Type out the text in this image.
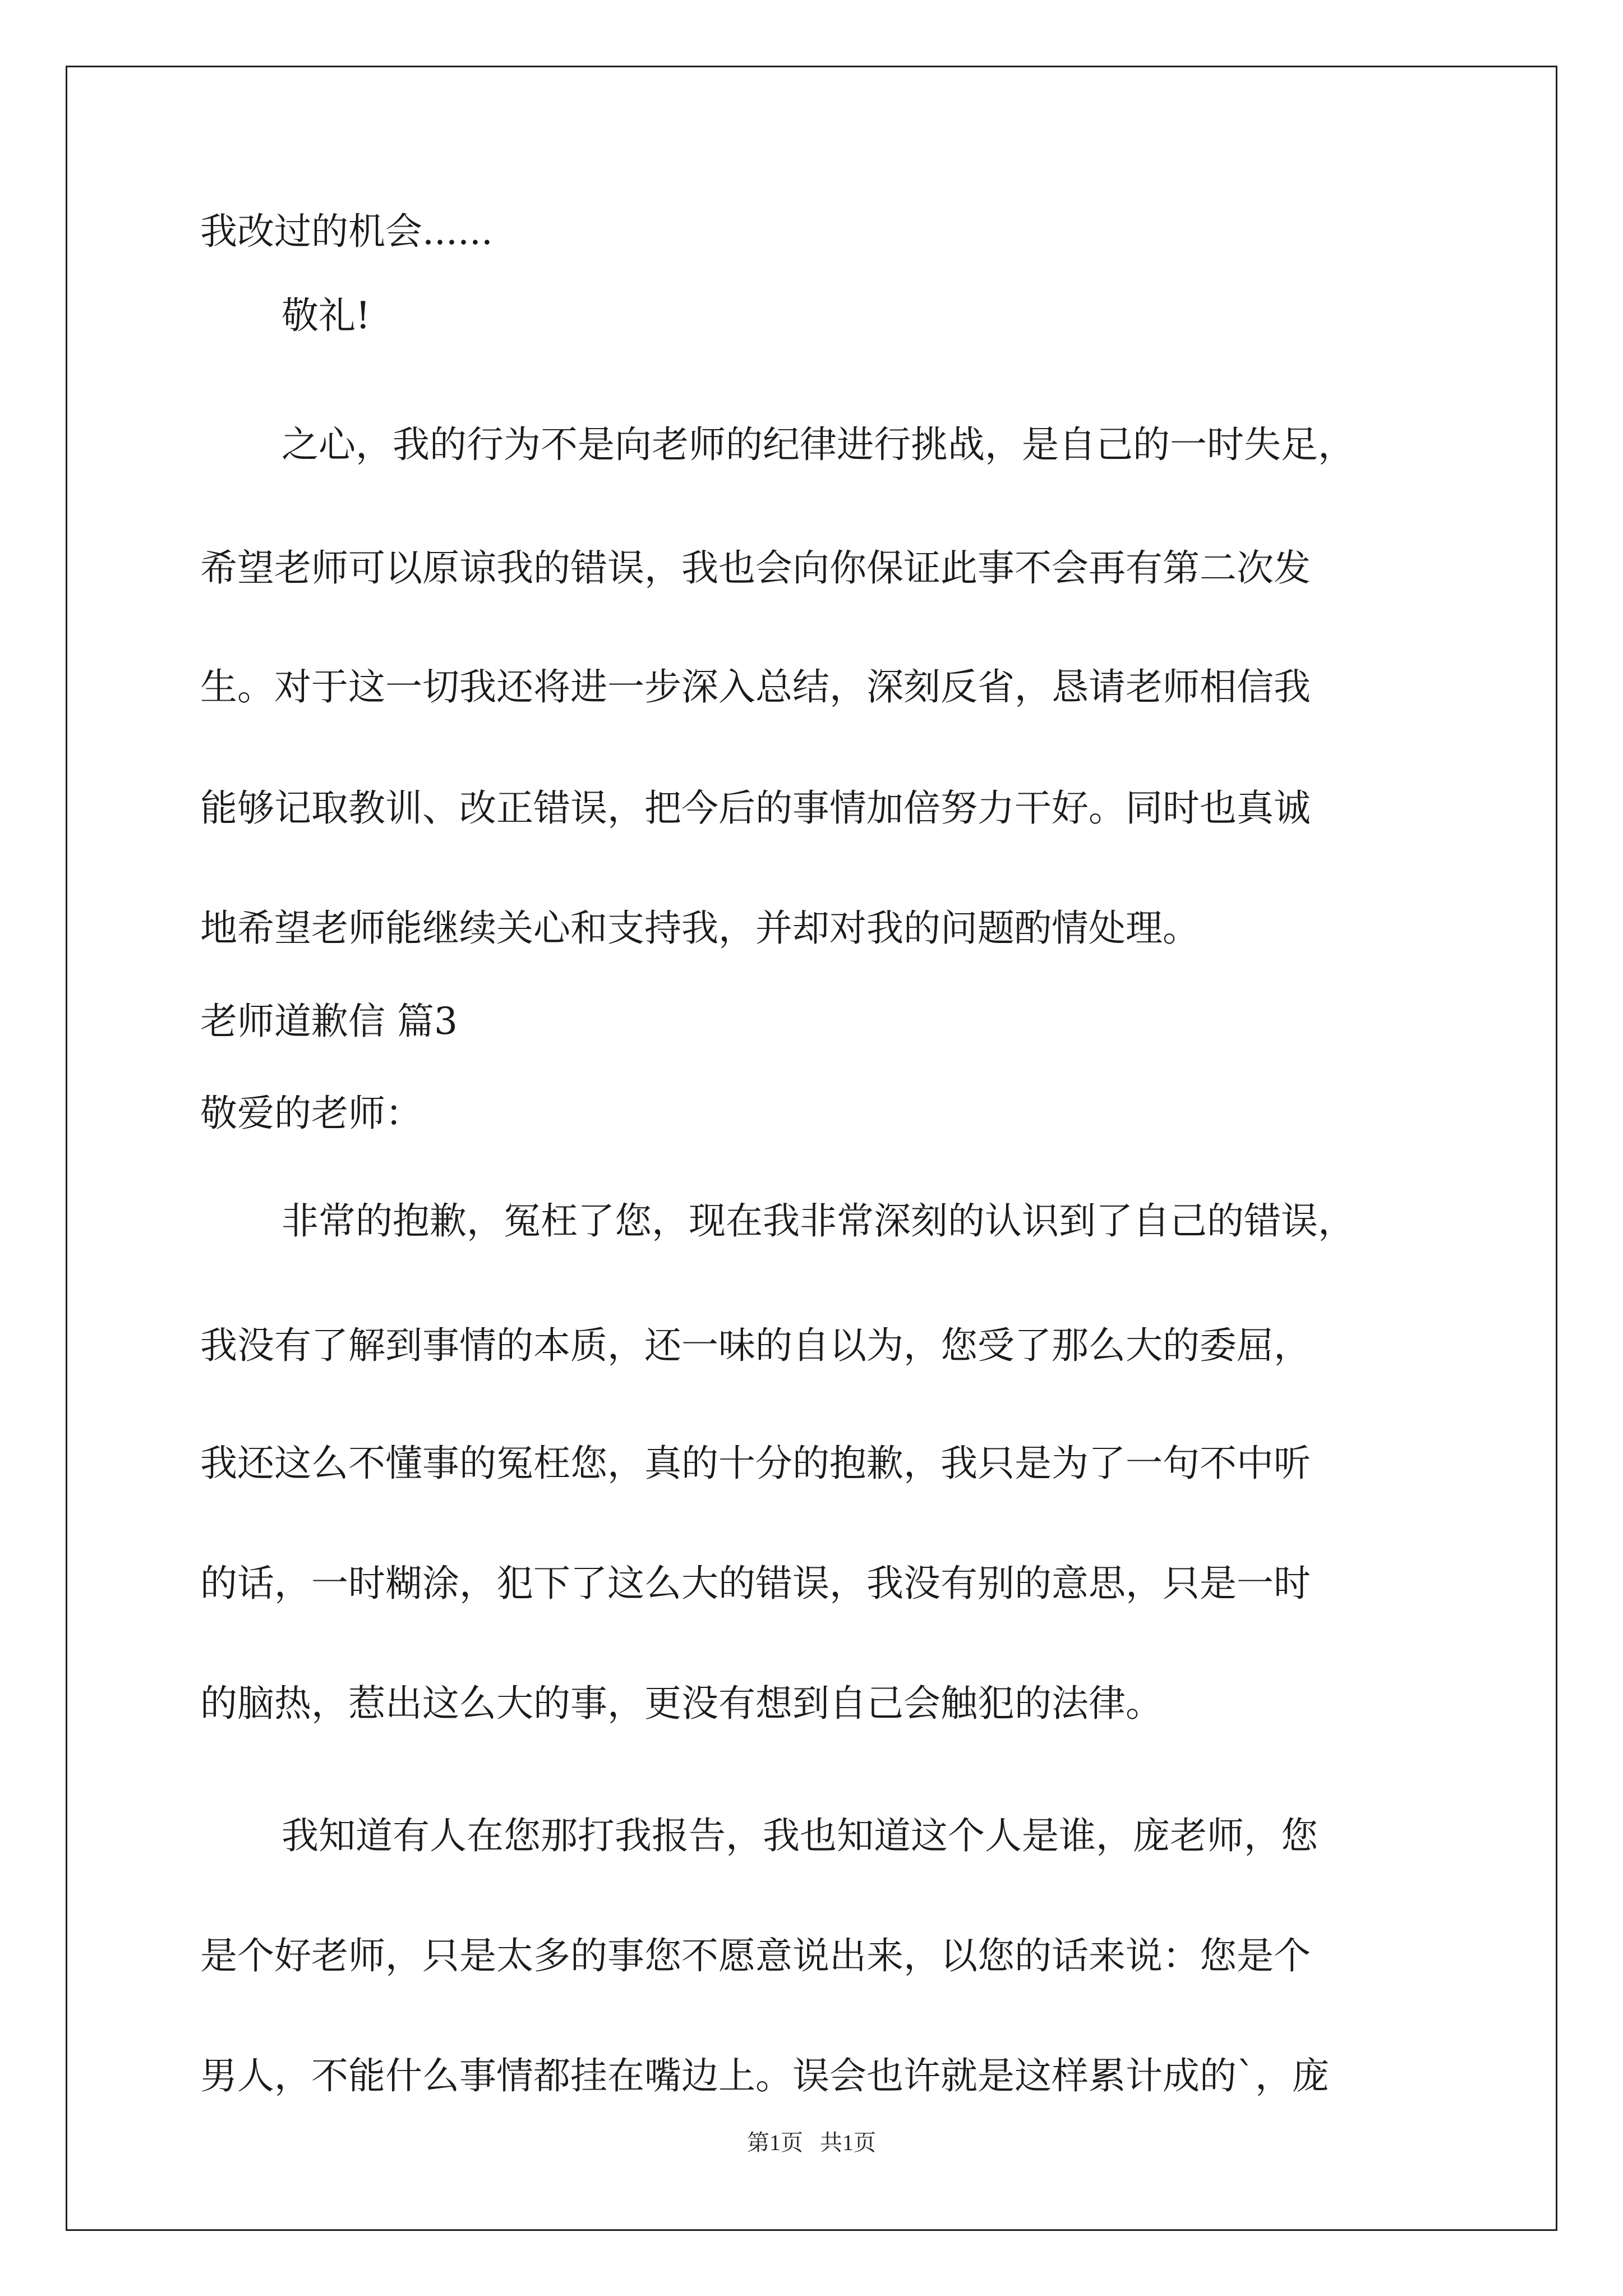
我改过的机会......
敬礼!
之心，我的行为不是向老师的纪律进行挑战，是自己的一时失足，
希望老师可以原谅我的错误，我也会向你保证此事不会再有第二次发
生。对于这一切我还将进一步深入总结，深刻反省，恳请老师相信我
能够记取教训、改正错误，把今后的事情加倍努力干好。同时也真诚
地希望老师能继续关心和支持我，并却对我的问题酌情处理。
老师道歉信 篇3
敬爱的老师：
非常的抱歉，冤枉了您，现在我非常深刻的认识到了自己的错误，
我没有了解到事情的本质，还一味的自以为，您受了那么大的委屈，
我还这么不懂事的冤枉您，真的十分的抱歉，我只是为了一句不中听
的话，一时糊涂，犯下了这么大的错误，我没有别的意思，只是一时
的脑热，惹出这么大的事，更没有想到自己会触犯的法律。
我知道有人在您那打我报告，我也知道这个人是谁，庞老师，您
是个好老师，只是太多的事您不愿意说出来，以您的话来说：您是个
男人，不能什么事情都挂在嘴边上。误会也许就是这样累计成的`，庞
第1页   共1页
